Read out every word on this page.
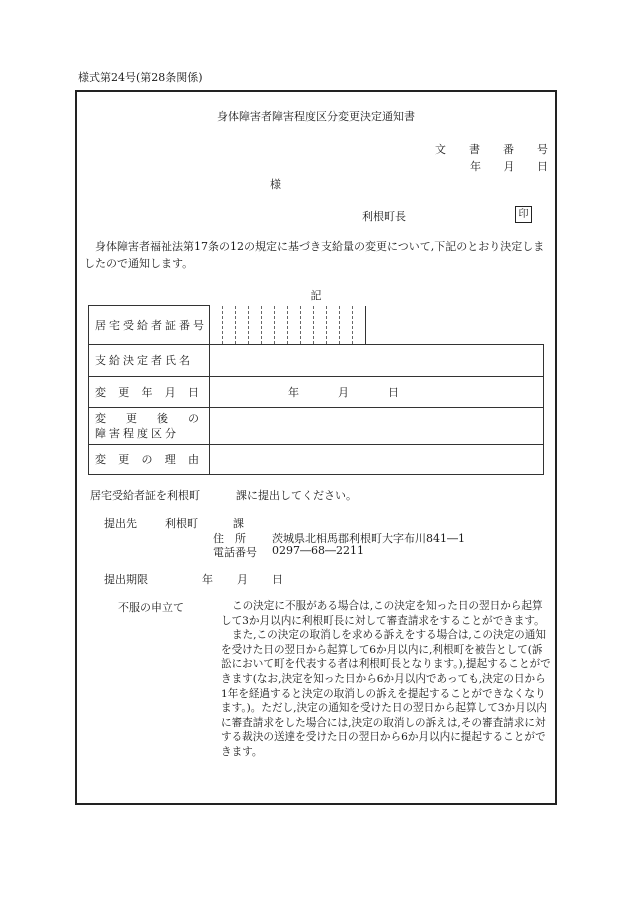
様式第24号(第28条関係)
身体障害者障害程度区分変更決定通知書
文 書 番 号
年 月 日
様
利根町長	印
身体障害者福祉法第17条の12の規定に基づき支給量の変更について,下記のとおり決定しましたので通知します。
記
居宅受給者証番号	

支給決定者氏名	

変 更 年 月 日	年 月 日

変 更 後 の
障害程度区分	

変 更 の 理 由	

居宅受給者証を利根町	課に提出してください。
提出先	利根町	課
住　所 茨城県北相馬郡利根町大字布川841―1
電話番号 0297―68―2211
提出期限	年 月 日
不服の申立て	この決定に不服がある場合は,この決定を知った日の翌日から起算して3か月以内に利根町長に対して審査請求をすることができます。

また,この決定の取消しを求める訴えをする場合は,この決定の通知を受けた日の翌日から起算して6か月以内に,利根町を被告として(訴訟において町を代表する者は利根町長となります。),提起することができます(なお,決定を知った日から6か月以内であっても,決定の日から1年を経過すると決定の取消しの訴えを提起することができなくなります。)。ただし,決定の通知を受けた日の翌日から起算して3か月以内に審査請求をした場合には,決定の取消しの訴えは,その審査請求に対する裁決の送達を受けた日の翌日から6か月以内に提起することができます。
